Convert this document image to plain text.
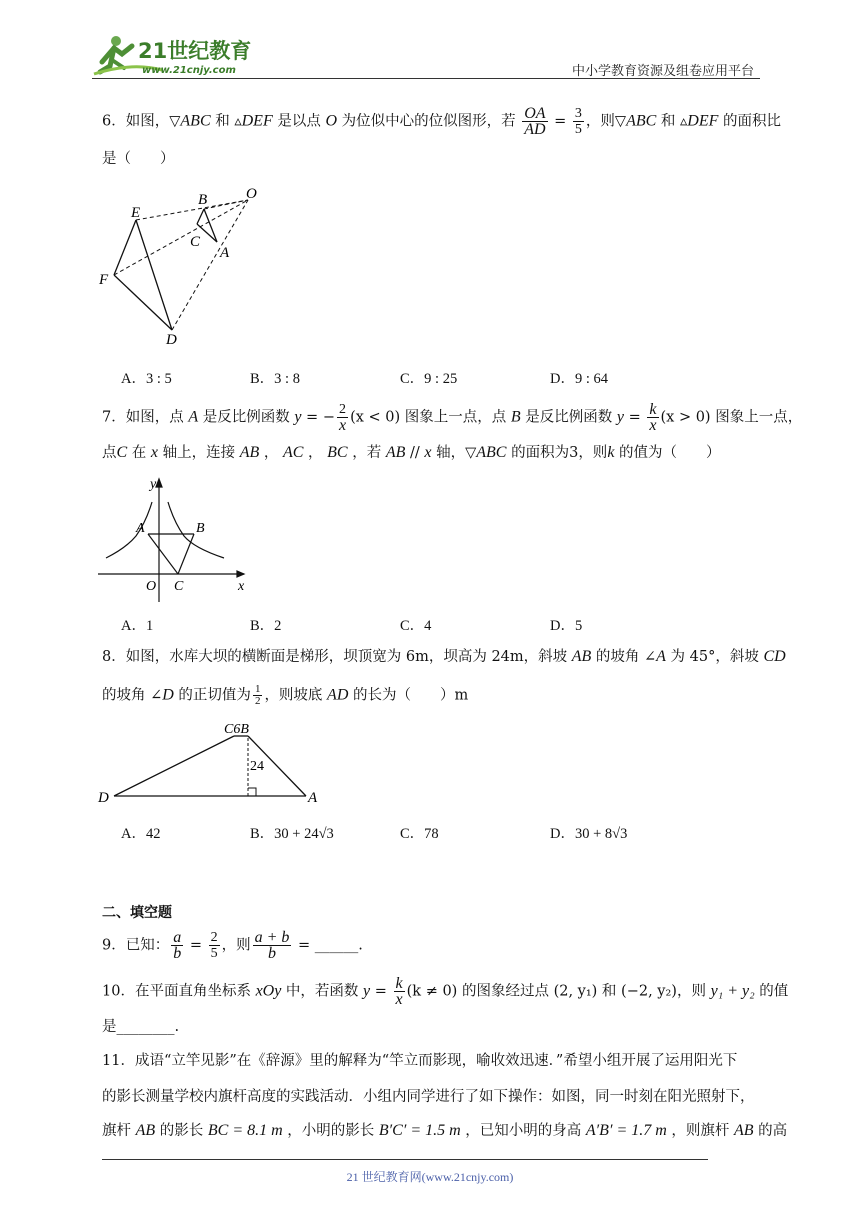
21世纪教育
www.21cnjy.com	中小学教育资源及组卷应用平台
6．如图，▽ABC 和 ▵DEF 是以点 O 为位似中心的位似图形，若 $\frac{OA}{AD} = \frac{3}{5}$ ，则▽ABC 和 ▵DEF 的面积比
是（　　）
E
B	O
C
A
F
D
A．3 : 5	B．3 : 8	C．9 : 25	D．9 : 64
7．如图，点 A 是反比例函数 y = − $\frac{2}{x} (x < 0)$ 图象上一点，点 B 是反比例函数 $y = \frac{k}{x} (x > 0)$ 图象上一点，
点C 在 x 轴上，连接 AB ， AC ， BC ，若 AB // x 轴，▽ABC 的面积为3，则k 的值为（　　）
y
A	B
O C	x
A．1	B．2	C．4	D．5
8．如图，水库大坝的横断面是梯形，坝顶宽为 6m，坝高为 24m，斜坡 AB 的坡角 ∠A 为 45°，斜坡 CD
的坡角 ∠D 的正切值为 $\frac{1}{2}$ ，则坡底 AD 的长为（　　）m
C6B
24
D	A
A．42	B．30 + 24√3	C．78	D．30 + 8√3
二、填空题
9．已知： $\frac{a}{b} = \frac{2}{5}$ ，则 $\frac{a + b}{b}$ = ______.
10．在平面直角坐标系 xOy 中，若函数 $y = \frac{k}{x} (k \ne 0)$ 的图象经过点 (2, y₁) 和 (−2, y₂)，则 y₁ + y₂ 的值
是________.
11．成语“立竿见影”在《辞源》里的解释为“竿立而影现，喻收效迅速．”希望小组开展了运用阳光下
的影长测量学校内旗杆高度的实践活动．小组内同学进行了如下操作：如图，同一时刻在阳光照射下，
旗杆 AB 的影长 BC = 8.1 m ，小明的影长 B′C′ = 1.5 m ，已知小明的身高 A′B′ = 1.7 m ，则旗杆 AB 的高
21 世纪教育网(www.21cnjy.com)
